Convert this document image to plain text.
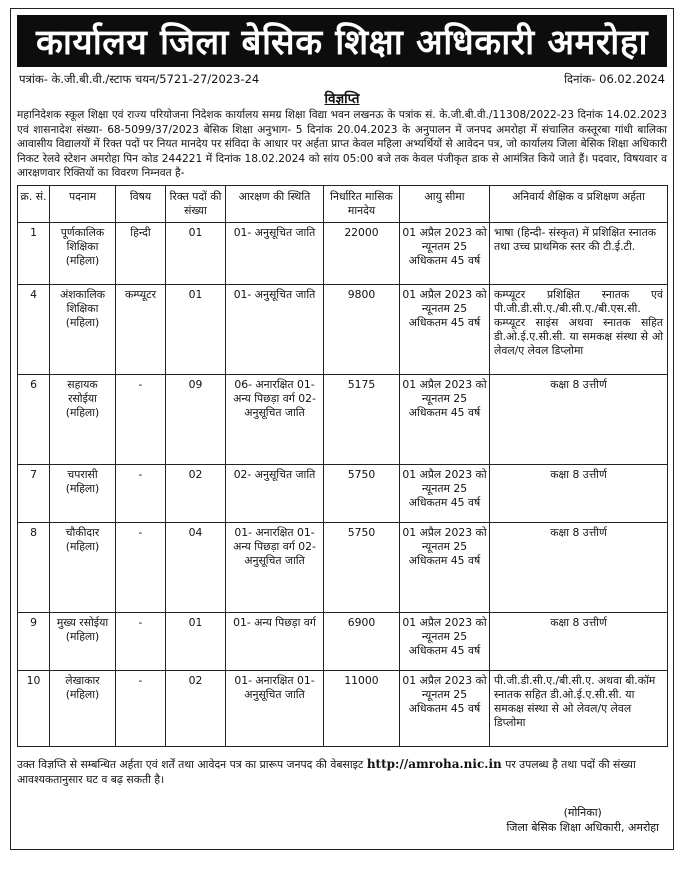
कार्यालय जिला बेसिक शिक्षा अधिकारी अमरोहा
पत्रांक- के.जी.बी.वी./स्टाफ चयन/5721-27/2023-24	दिनांक- 06.02.2024
विज्ञप्ति
महानिदेशक स्कूल शिक्षा एवं राज्य परियोजना निदेशक कार्यालय समग्र शिक्षा विद्या भवन लखनऊ के पत्रांक सं. के.जी.बी.वी./11308/2022-23 दिनांक 14.02.2023 एवं शासनादेश संख्या- 68-5099/37/2023 बेसिक शिक्षा अनुभाग- 5 दिनांक 20.04.2023 के अनुपालन में जनपद अमरोहा में संचालित कस्तूरबा गांधी बालिका आवासीय विद्यालयों में रिक्त पदों पर नियत मानदेय पर संविदा के आधार पर अर्हता प्राप्त केवल महिला अभ्यर्थियों से आवेदन पत्र, जो कार्यालय जिला बेसिक शिक्षा अधिकारी निकट रेलवे स्टेशन अमरोहा पिन कोड 244221 में दिनांक 18.02.2024 को सांय 05:00 बजे तक केवल पंजीकृत डाक से आमंत्रित किये जाते हैं। पदवार, विषयवार व आरक्षणवार रिक्तियों का विवरण निम्नवत है-
क्र. सं.	पदनाम	विषय	रिक्त पदों की संख्या	आरक्षण की स्थिति	निर्धारित मासिक मानदेय	आयु सीमा	अनिवार्य शैक्षिक व प्रशिक्षण अर्हता
1	पूर्णकालिक शिक्षिका (महिला)	हिन्दी	01	01- अनुसूचित जाति	22000	01 अप्रैल 2023 को न्यूनतम 25 अधिकतम 45 वर्ष	भाषा (हिन्दी- संस्कृत) में प्रशिक्षित स्नातक तथा उच्च प्राथमिक स्तर की टी.ई.टी.
4	अंशकालिक शिक्षिका (महिला)	कम्प्यूटर	01	01- अनुसूचित जाति	9800	01 अप्रैल 2023 को न्यूनतम 25 अधिकतम 45 वर्ष	कम्प्यूटर प्रशिक्षित स्नातक एवं पी.जी.डी.सी.ए./बी.सी.ए./बी.एस.सी. कम्प्यूटर साइंस अथवा स्नातक सहित डी.ओ.ई.ए.सी.सी. या समकक्ष संस्था से ओ लेवल/ए लेवल डिप्लोमा
6	सहायक रसोईया (महिला)	-	09	06- अनारक्षित 01- अन्य पिछड़ा वर्ग 02- अनुसूचित जाति	5175	01 अप्रैल 2023 को न्यूनतम 25 अधिकतम 45 वर्ष	कक्षा 8 उत्तीर्ण
7	चपरासी (महिला)	-	02	02- अनुसूचित जाति	5750	01 अप्रैल 2023 को न्यूनतम 25 अधिकतम 45 वर्ष	कक्षा 8 उत्तीर्ण
8	चौकीदार (महिला)	-	04	01- अनारक्षित 01- अन्य पिछड़ा वर्ग 02- अनुसूचित जाति	5750	01 अप्रैल 2023 को न्यूनतम 25 अधिकतम 45 वर्ष	कक्षा 8 उत्तीर्ण
9	मुख्य रसोईया (महिला)	-	01	01- अन्य पिछड़ा वर्ग	6900	01 अप्रैल 2023 को न्यूनतम 25 अधिकतम 45 वर्ष	कक्षा 8 उत्तीर्ण
10	लेखाकार (महिला)	-	02	01- अनारक्षित 01- अनुसूचित जाति	11000	01 अप्रैल 2023 को न्यूनतम 25 अधिकतम 45 वर्ष	पी.जी.डी.सी.ए./बी.सी.ए. अथवा बी.कॉम स्नातक सहित डी.ओ.ई.ए.सी.सी. या समकक्ष संस्था से ओ लेवल/ए लेवल डिप्लोमा
उक्त विज्ञप्ति से सम्बन्धित अर्हता एवं शर्तें तथा आवेदन पत्र का प्रारूप जनपद की वेबसाइट http://amroha.nic.in पर उपलब्ध है तथा पदों की संख्या आवश्यकतानुसार घट व बढ़ सकती है।
(मोनिका)
जिला बेसिक शिक्षा अधिकारी, अमरोहा
